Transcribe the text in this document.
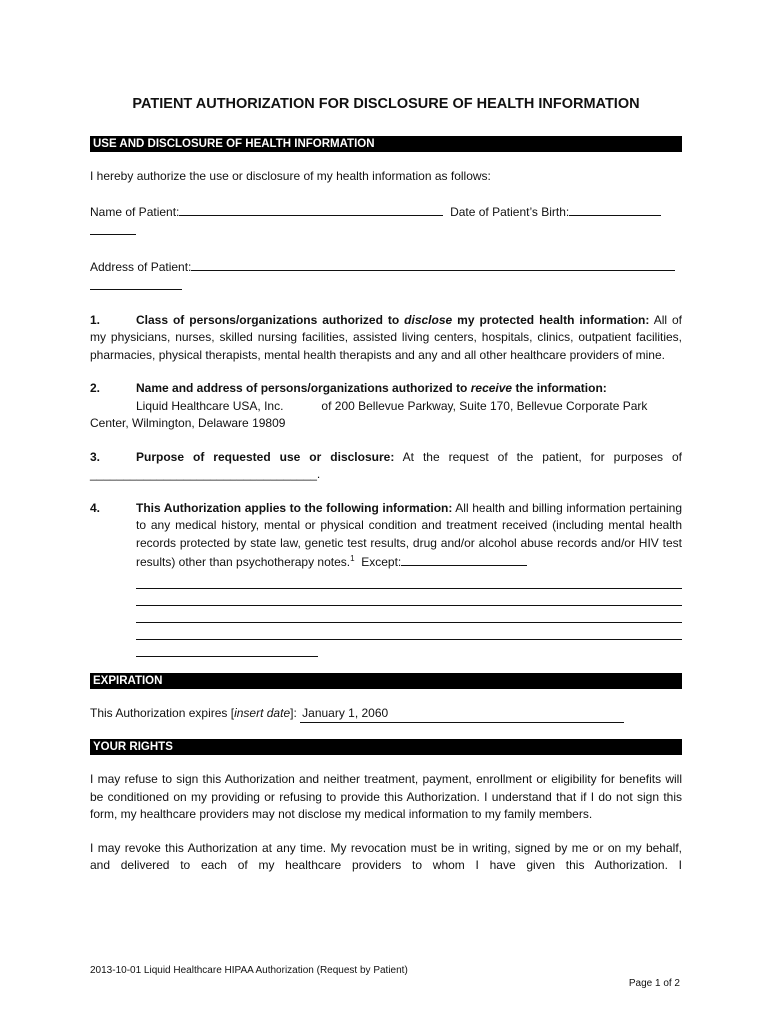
PATIENT AUTHORIZATION FOR DISCLOSURE OF HEALTH INFORMATION
USE AND DISCLOSURE OF HEALTH INFORMATION

I hereby authorize the use or disclosure of my health information as follows:

Name of Patient:	Date of Patient’s Birth:

Address of Patient:

1.	Class of persons/organizations authorized to disclose my protected health information: All of my physicians, nurses, skilled nursing facilities, assisted living centers, hospitals, clinics, outpatient facilities, pharmacies, physical therapists, mental health therapists and any and all other healthcare providers of mine.
2.	Name and address of persons/organizations authorized to receive the information:
Liquid Healthcare USA, Inc.	of 200 Bellevue Parkway, Suite 170, Bellevue Corporate Park
Center, Wilmington, Delaware 19809
3.	Purpose of requested use or disclosure: At the request of the patient, for purposes of
__________________________________.
4.	This Authorization applies to the following information: All health and billing information pertaining to any medical history, mental or physical condition and treatment received (including mental health records protected by state law, genetic test results, drug and/or alcohol abuse records and/or HIV test results) other than psychotherapy notes.$^1$ Except:
EXPIRATION

This Authorization expires [insert date]: January 1, 2060

YOUR RIGHTS

I may refuse to sign this Authorization and neither treatment, payment, enrollment or eligibility for benefits will be conditioned on my providing or refusing to provide this Authorization. I understand that if I do not sign this form, my healthcare providers may not disclose my medical information to my family members.

I may revoke this Authorization at any time. My revocation must be in writing, signed by me or on my behalf, and delivered to each of my healthcare providers to whom I have given this Authorization. I

2013-10-01 Liquid Healthcare HIPAA Authorization (Request by Patient)
Page 1 of 2
